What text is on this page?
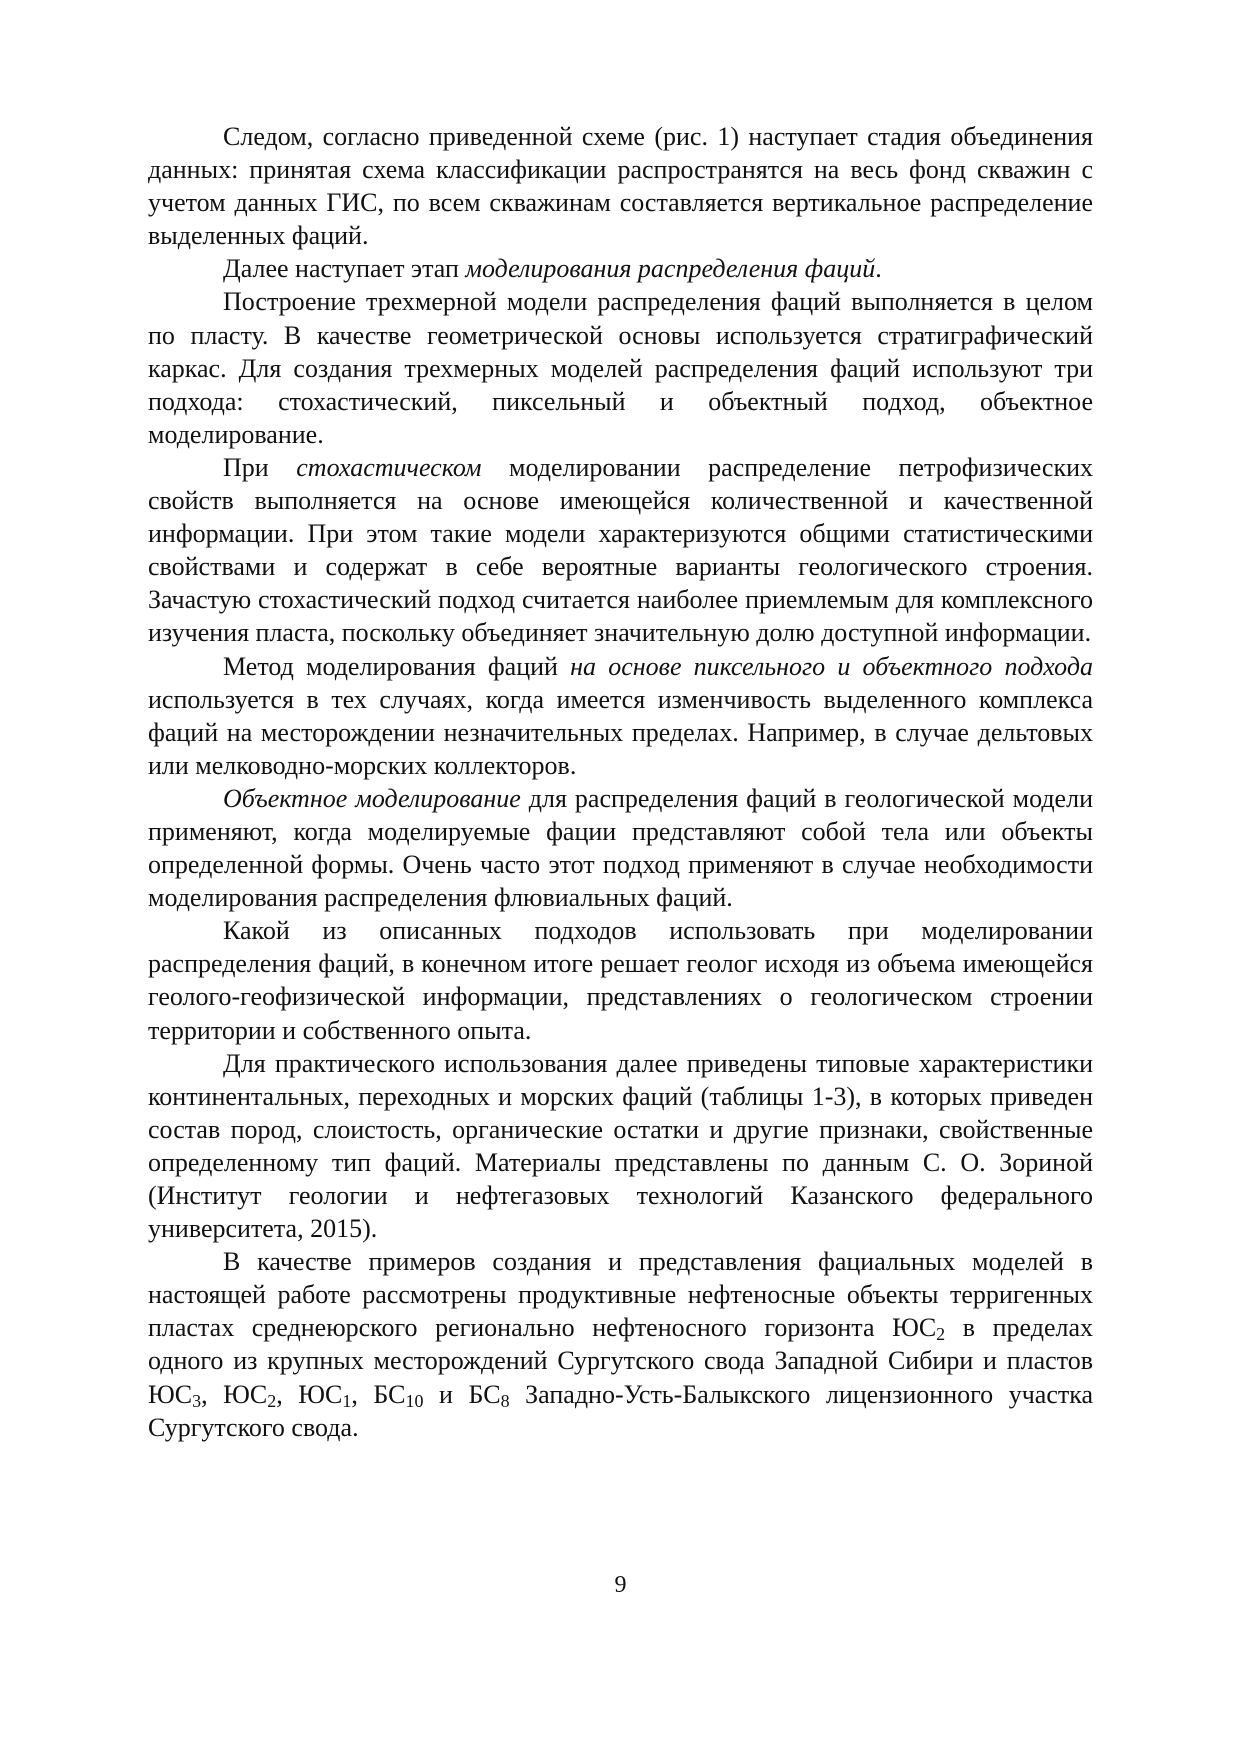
Следом, согласно приведенной схеме (рис. 1) наступает стадия объединения данных: принятая схема классификации распространятся на весь фонд скважин с учетом данных ГИС, по всем скважинам составляется вертикальное распределение выделенных фаций.

Далее наступает этап моделирования распределения фаций.

Построение трехмерной модели распределения фаций выполняется в целом по пласту. В качестве геометрической основы используется стратиграфический каркас. Для создания трехмерных моделей распределения фаций используют три подхода: стохастический, пиксельный и объектный подход, объектное моделирование.

При стохастическом моделировании распределение петрофизических свойств выполняется на основе имеющейся количественной и качественной информации. При этом такие модели характеризуются общими статистическими свойствами и содержат в себе вероятные варианты геологического строения. Зачастую стохастический подход считается наиболее приемлемым для комплексного изучения пласта, поскольку объединяет значительную долю доступной информации.

Метод моделирования фаций на основе пиксельного и объектного подхода используется в тех случаях, когда имеется изменчивость выделенного комплекса фаций на месторождении незначительных пределах. Например, в случае дельтовых или мелководно-морских коллекторов.

Объектное моделирование для распределения фаций в геологической модели применяют, когда моделируемые фации представляют собой тела или объекты определенной формы. Очень часто этот подход применяют в случае необходимости моделирования распределения флювиальных фаций.

Какой из описанных подходов использовать при моделировании распределения фаций, в конечном итоге решает геолог исходя из объема имеющейся геолого-геофизической информации, представлениях о геологическом строении территории и собственного опыта.

Для практического использования далее приведены типовые характеристики континентальных, переходных и морских фаций (таблицы 1-3), в которых приведен состав пород, слоистость, органические остатки и другие признаки, свойственные определенному тип фаций. Материалы представлены по данным С. О. Зориной (Институт геологии и нефтегазовых технологий Казанского федерального университета, 2015).

В качестве примеров создания и представления фациальных моделей в настоящей работе рассмотрены продуктивные нефтеносные объекты терригенных пластах среднеюрского регионально нефтеносного горизонта $ЮС_2$ в пределах одного из крупных месторождений Сургутского свода Западной Сибири и пластов $ЮС_3$, $ЮС_2$, $ЮС_1$, $БС_{10}$ и $БС_8$ Западно-Усть-Балыкского лицензионного участка Сургутского свода.

9
